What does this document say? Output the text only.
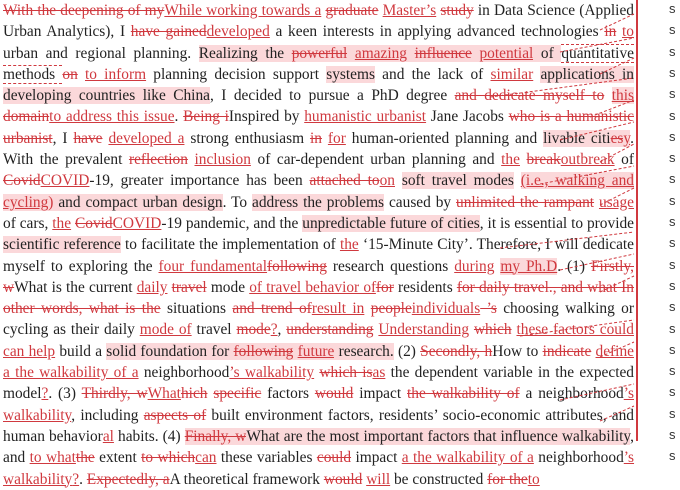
With the deepening of myWhile working towards a graduate Master’s study in Data Science (Applied Urban Analytics), I have gaineddeveloped a keen interests in applying advanced technologies in to urban and regional planning. Realizing the powerful amazing influence potential of quantitative methods on to inform planning decision support systems and the lack of similar applications in developing countries like China, I decided to pursue a PhD degree and dedicate myself to this domainto address this issue. Being iInspired by humanistic urbanist Jane Jacobs who is a humanistic urbanist, I have developed a strong enthusiasm in for human-oriented planning and livable citiesy. With the prevalent reflection inclusion of car-dependent urban planning and the breakoutbreak of CovidCOVID-19, greater importance has been attached toon soft travel modes (i.e., walking and cycling) and compact urban design. To address the problems caused by unlimited the rampant usage of cars, the CovidCOVID-19 pandemic, and the unpredictable future of cities, it is essential to provide scientific reference to facilitate the implementation of the ‘15-Minute City’. Therefore, I will dedicate myself to exploring the four fundamentalfollowing research questions during my Ph.D. (1) Firstly, wWhat is the current daily travel mode of travel behavior offor residents for daily travel., and what In other words, what is the situations and trend ofresult in peopleindividuals ’s choosing walking or cycling as their daily mode of travel mode?, understanding Understanding which these factors could can help build a solid foundation for following future research. (2) Secondly, hHow to indicate define a the walkability of a neighborhood’s walkability which isas the dependent variable in the expected model?. (3) Thirdly, wWhathich specific factors would impact the walkability of a neighborhood’s walkability, including aspects of built environment factors, residents’ socio-economic attributes, and human behavioral habits. (4) Finally, wWhat are the most important factors that influence walkability, and to whatthe extent to whichcan these variables could impact a the walkability of a neighborhood’s walkability?. Expectedly, aA theoretical framework would will be constructed for theto

s
s
s
s
s
s
s
s
s
s
s
s
s
s
s
s
s
s
s
s
s
s
